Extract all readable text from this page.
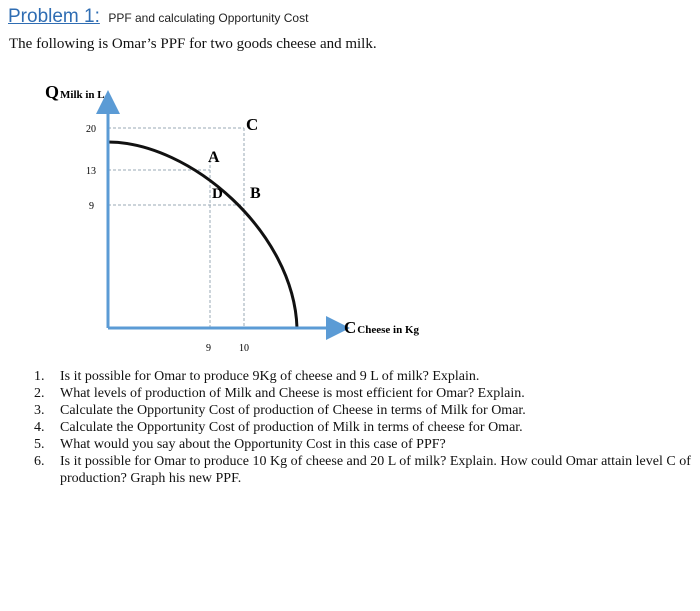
Problem 1: PPF and calculating Opportunity Cost
The following is Omar’s PPF for two goods cheese and milk.
QMilk in L
CCheese in Kg
20
13
9
9	10
C
A
D B
1. Is it possible for Omar to produce 9Kg of cheese and 9 L of milk? Explain.
2. What levels of production of Milk and Cheese is most efficient for Omar? Explain.
3. Calculate the Opportunity Cost of production of Cheese in terms of Milk for Omar.
4. Calculate the Opportunity Cost of production of Milk in terms of cheese for Omar.
5. What would you say about the Opportunity Cost in this case of PPF?
6. Is it possible for Omar to produce 10 Kg of cheese and 20 L of milk? Explain. How could Omar attain level C of production? Graph his new PPF.
